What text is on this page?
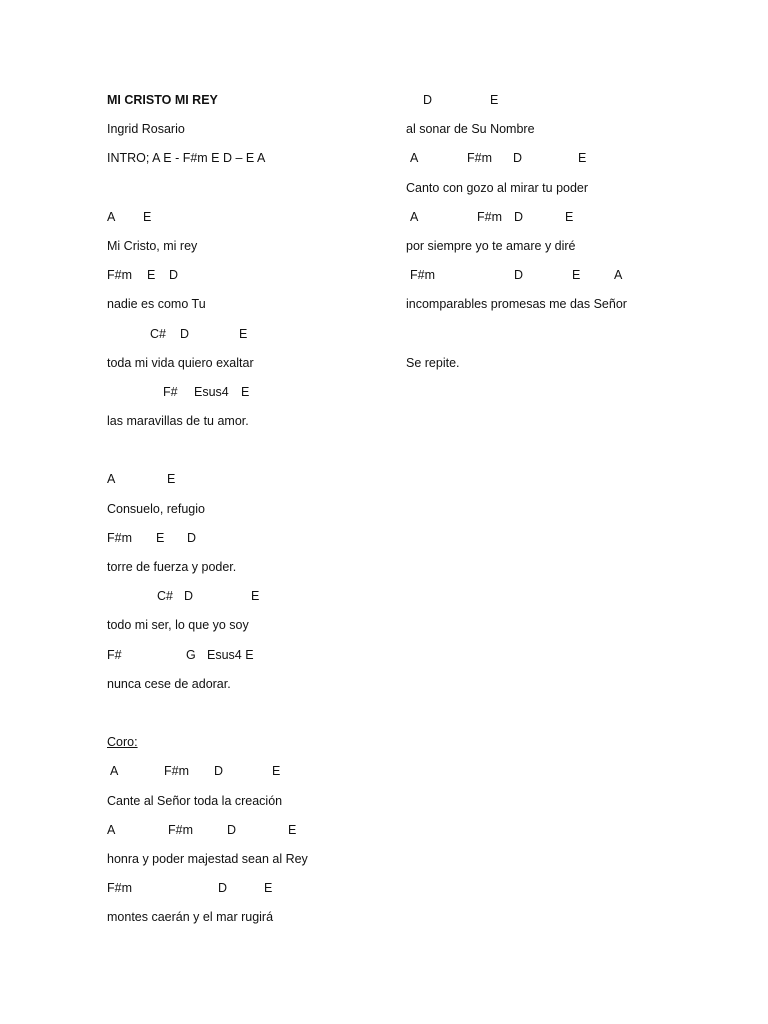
MI CRISTO MI REY
Ingrid Rosario
INTRO; A E - F#m E D – E A

A

E

Mi Cristo, mi rey

F#m

E

D

nadie es como Tu

C#

D

	E

toda mi vida quiero exaltar

F#

Esus4

E

las maravillas de tu amor.

A

	E

Consuelo, refugio

F#m

E

D

torre de fuerza y poder.

C#

D

	E

todo mi ser, lo que yo soy

F#

	G

Esus4 E

nunca cese de adorar.
Coro:

A

	F#m

D

	E

Cante al Señor toda la creación

A

	F#m

	D

	E

honra y poder majestad sean al Rey

F#m

	D

	E

montes caerán y el mar rugirá

D

	E

al sonar de Su Nombre

A

	F#m

D

	E

Canto con gozo al mirar tu poder

A

	F#m

D

	E

por siempre yo te amare y diré

F#m

	D

	E

	A

incomparables promesas me das Señor
Se repite.
